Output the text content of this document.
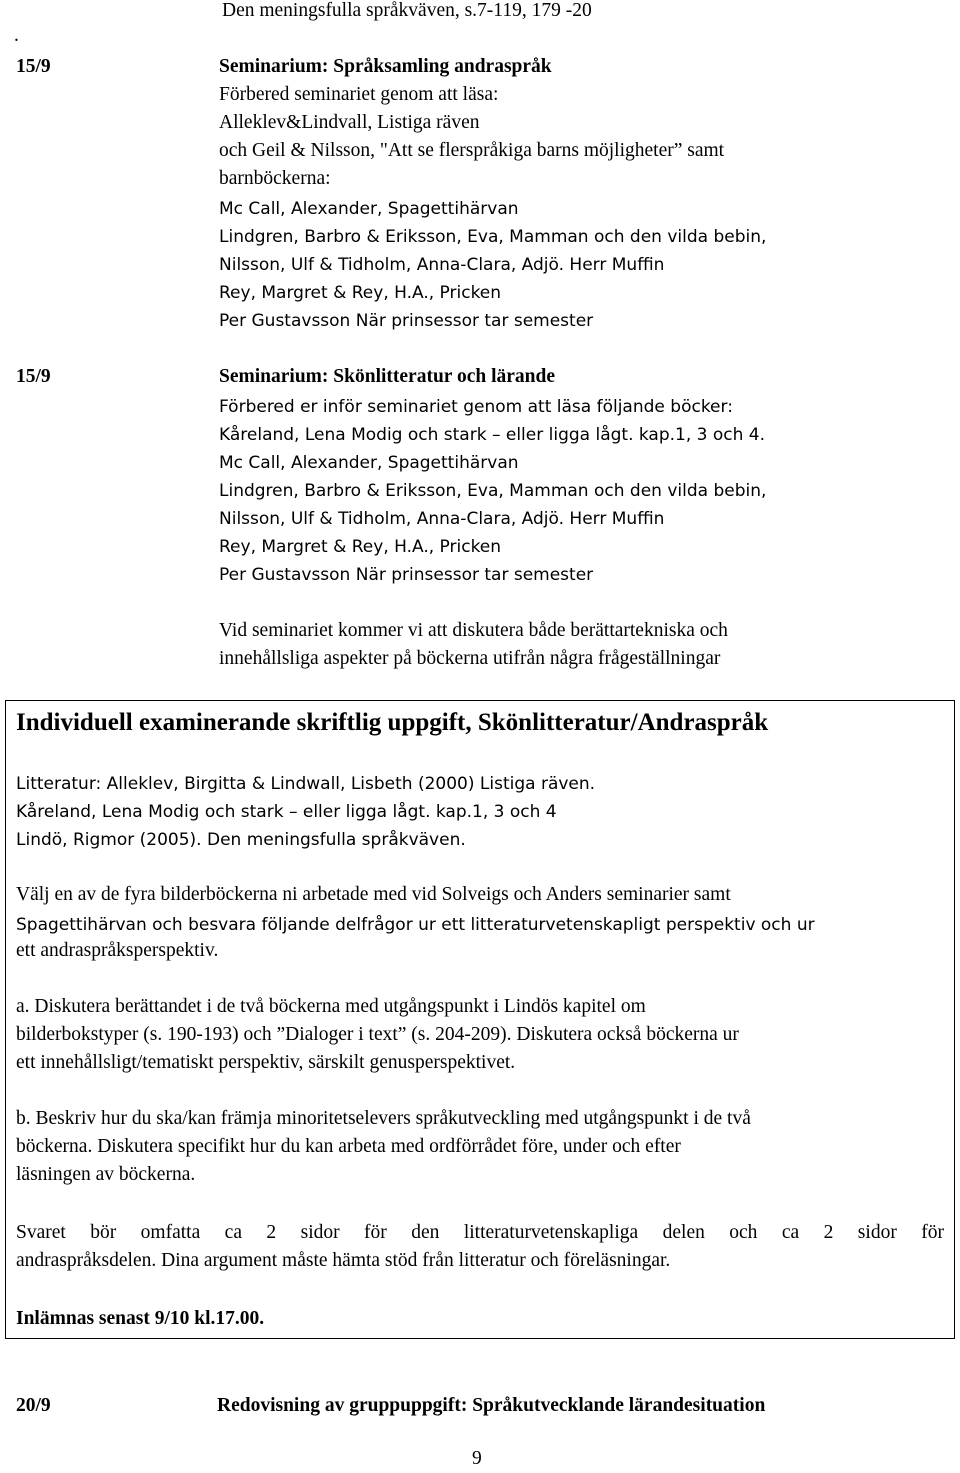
Den meningsfulla språkväven, s.7-119, 179 -20
.
15/9	Seminarium: Språksamling andraspråk
Förbered seminariet genom att läsa:
Alleklev&Lindvall, Listiga räven
och Geil & Nilsson, "Att se flerspråkiga barns möjligheter” samt
barnböckerna:
Mc Call, Alexander, Spagettihärvan
Lindgren, Barbro & Eriksson, Eva, Mamman och den vilda bebin,
Nilsson, Ulf & Tidholm, Anna-Clara, Adjö. Herr Muffin
Rey, Margret & Rey, H.A., Pricken
Per Gustavsson När prinsessor tar semester
15/9	Seminarium: Skönlitteratur och lärande
Förbered er inför seminariet genom att läsa följande böcker:
Kåreland, Lena Modig och stark – eller ligga lågt. kap.1, 3 och 4.
Mc Call, Alexander, Spagettihärvan
Lindgren, Barbro & Eriksson, Eva, Mamman och den vilda bebin,
Nilsson, Ulf & Tidholm, Anna-Clara, Adjö. Herr Muffin
Rey, Margret & Rey, H.A., Pricken
Per Gustavsson När prinsessor tar semester
Vid seminariet kommer vi att diskutera både berättartekniska och
innehållsliga aspekter på böckerna utifrån några frågeställningar
Individuell examinerande skriftlig uppgift, Skönlitteratur/Andraspråk
Litteratur: Alleklev, Birgitta & Lindwall, Lisbeth (2000) Listiga räven.
Kåreland, Lena Modig och stark – eller ligga lågt. kap.1, 3 och 4
Lindö, Rigmor (2005). Den meningsfulla språkväven.
Välj en av de fyra bilderböckerna ni arbetade med vid Solveigs och Anders seminarier samt
Spagettihärvan och besvara följande delfrågor ur ett litteraturvetenskapligt perspektiv och ur
ett andraspråksperspektiv.
a. Diskutera berättandet i de två böckerna med utgångspunkt i Lindös kapitel om
bilderbokstyper (s. 190-193) och ”Dialoger i text” (s. 204-209). Diskutera också böckerna ur
ett innehållsligt/tematiskt perspektiv, särskilt genusperspektivet.
b. Beskriv hur du ska/kan främja minoritetselevers språkutveckling med utgångspunkt i de två
böckerna. Diskutera specifikt hur du kan arbeta med ordförrådet före, under och efter
läsningen av böckerna.
Svaret bör omfatta ca 2 sidor för den litteraturvetenskapliga delen och ca 2 sidor för
andraspråksdelen. Dina argument måste hämta stöd från litteratur och föreläsningar.
Inlämnas senast 9/10 kl.17.00.
20/9	Redovisning av gruppuppgift: Språkutvecklande lärandesituation
9
